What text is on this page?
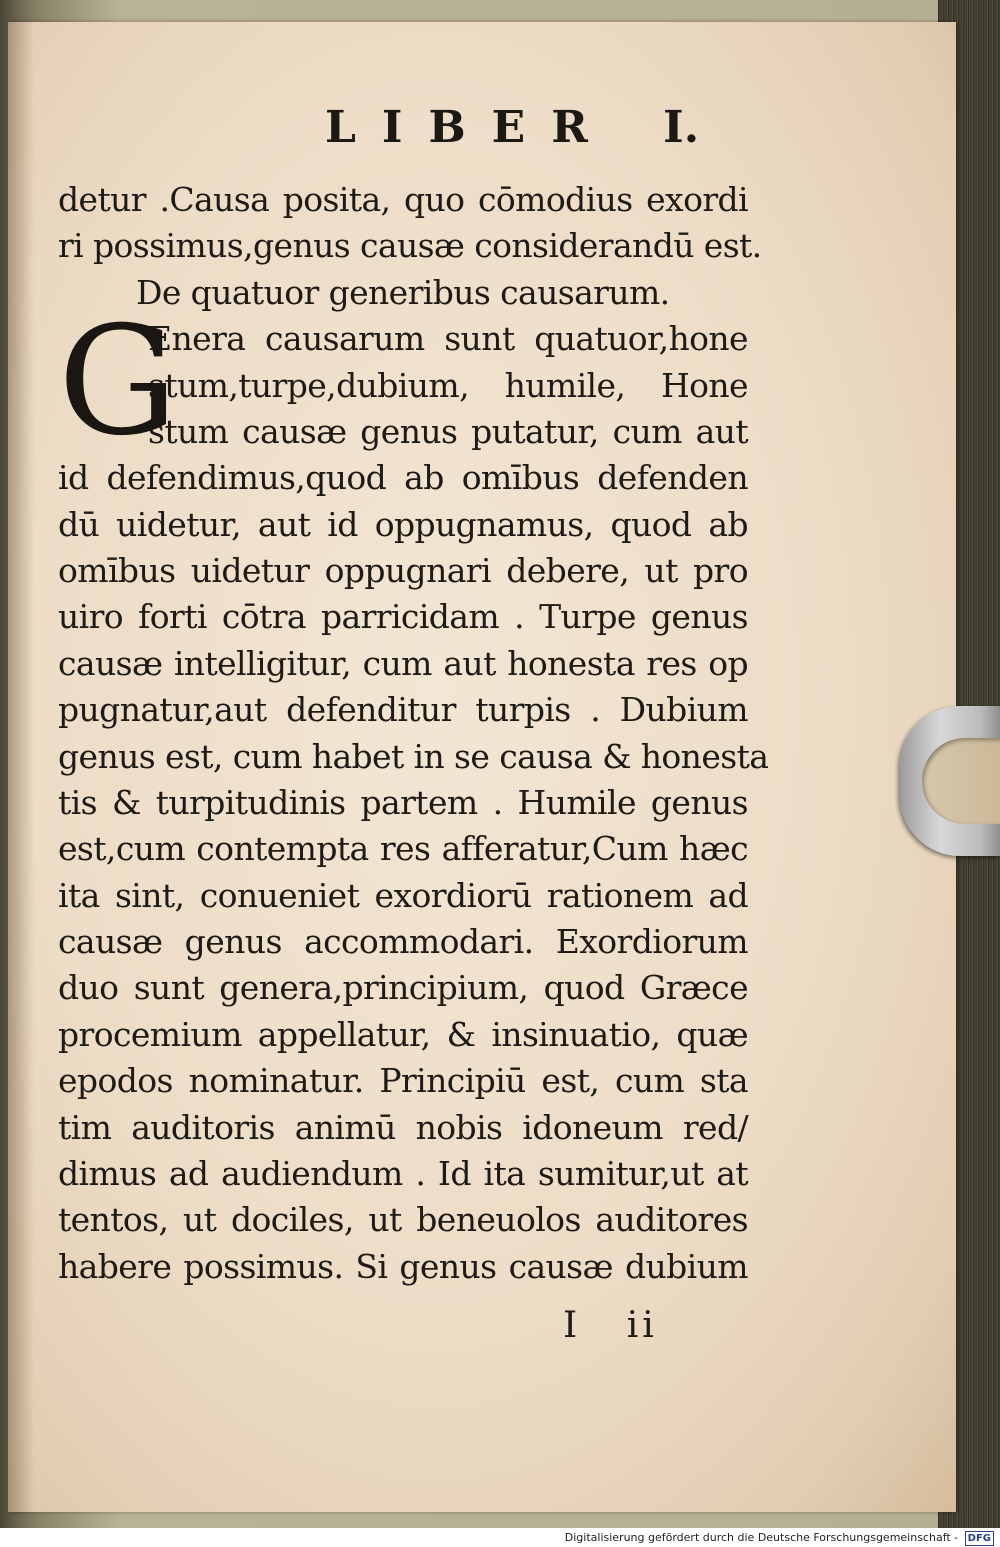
LIBER I.
detur .Causa posita, quo cōmodius exordi
ri possimus,genus causæ considerandū est.
De quatuor generibus causarum.
G
Enera causarum sunt quatuor,hone
stum,turpe,dubium, humile, Hone
stum causæ genus putatur, cum aut
id defendimus,quod ab omībus defenden
dū uidetur, aut id oppugnamus, quod ab
omībus uidetur oppugnari debere, ut pro
uiro forti cōtra parricidam . Turpe genus
causæ intelligitur, cum aut honesta res op
pugnatur,aut defenditur turpis . Dubium
genus est, cum habet in se causa & honesta
tis & turpitudinis partem . Humile genus
est,cum contempta res afferatur,Cum hæc
ita sint, conueniet exordiorū rationem ad
causæ genus accommodari. Exordiorum
duo sunt genera,principium, quod Græce
procemium appellatur, & insinuatio, quæ
epodos nominatur. Principiū est, cum sta
tim auditoris animū nobis idoneum red/
dimus ad audiendum . Id ita sumitur,ut at
tentos, ut dociles, ut beneuolos auditores
habere possimus. Si genus causæ dubium
I ii
Digitalisierung gefördert durch die Deutsche Forschungsgemeinschaft - DFG
